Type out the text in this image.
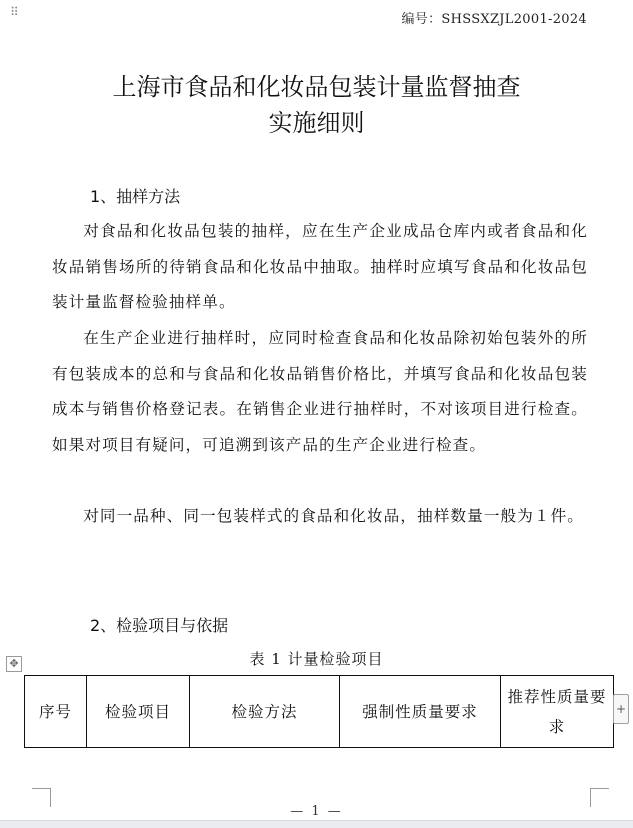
⠿	编号：SHSSXZJL2001-2024
上海市食品和化妆品包装计量监督抽查
实施细则
1、抽样方法

对食品和化妆品包装的抽样，应在生产企业成品仓库内或者食品和化妆品销售场所的待销食品和化妆品中抽取。抽样时应填写食品和化妆品包装计量监督检验抽样单。

在生产企业进行抽样时，应同时检查食品和化妆品除初始包装外的所有包装成本的总和与食品和化妆品销售价格比，并填写食品和化妆品包装成本与销售价格登记表。在销售企业进行抽样时，不对该项目进行检查。如果对项目有疑问，可追溯到该产品的生产企业进行检查。

对同一品种、同一包装样式的食品和化妆品，抽样数量一般为１件。

2、检验项目与依据
表 1 计量检验项目
✥
序号	检验项目	检验方法	强制性质量要求	推荐性质量要求
+
— 1 —
